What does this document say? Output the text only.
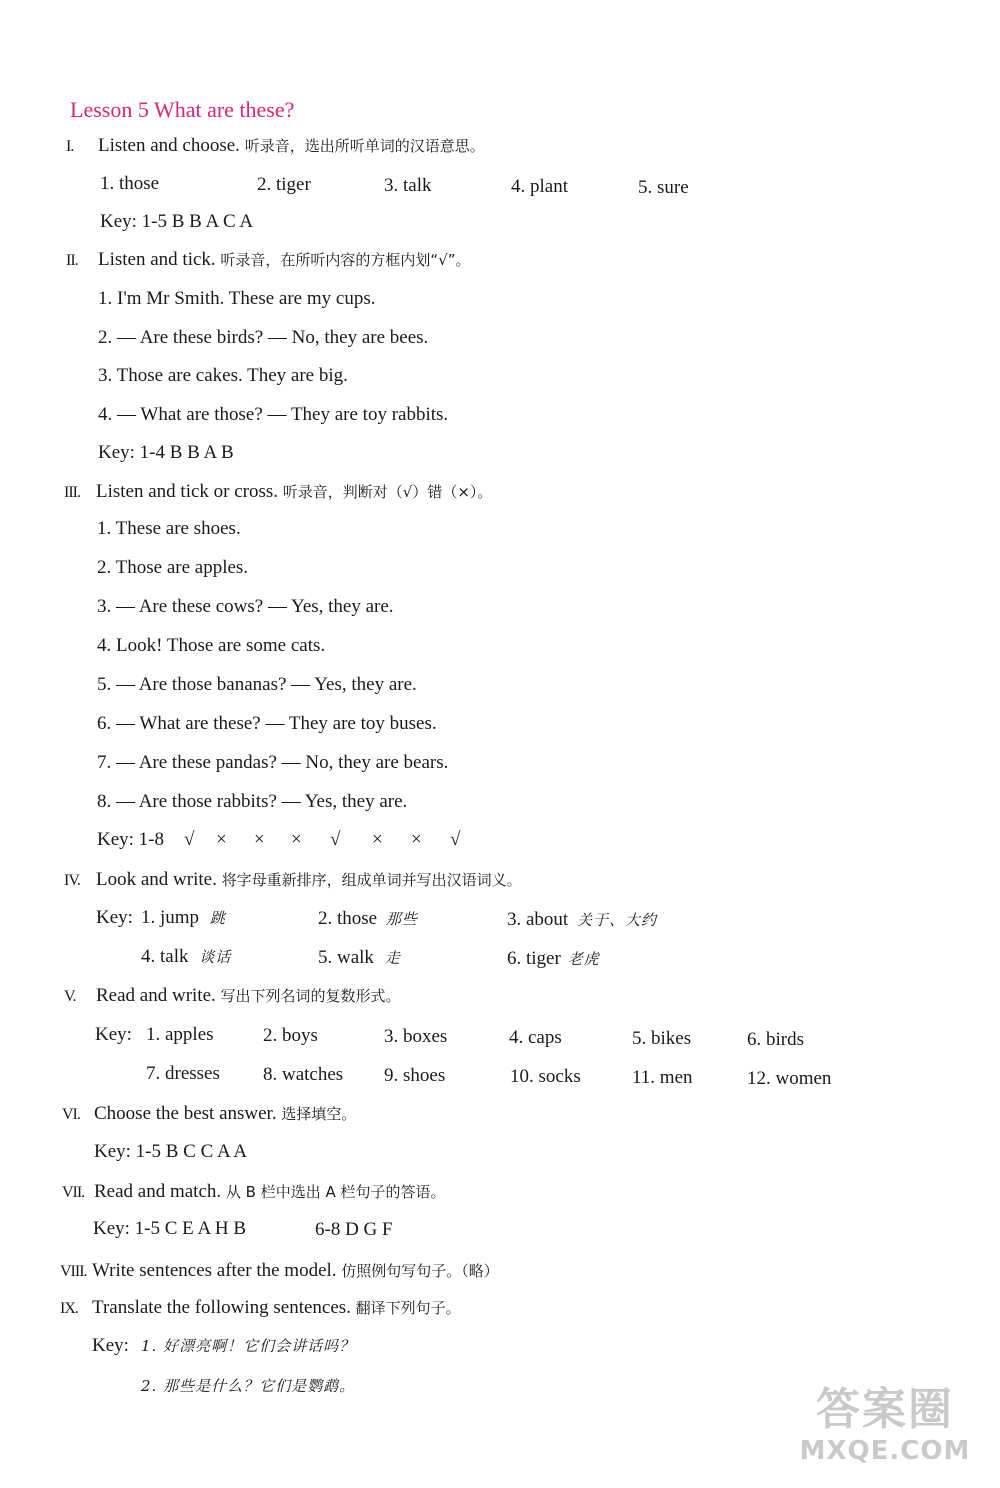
Lesson 5 What are these?
I. Listen and choose. 听录音，选出所听单词的汉语意思。
1. those	2. tiger	3. talk	4. plant	5. sure
Key: 1-5 B B A C A
II. Listen and tick. 听录音，在所听内容的方框内划“√”。
1. I'm Mr Smith. These are my cups.
2. — Are these birds? — No, they are bees.
3. Those are cakes. They are big.
4. — What are those? — They are toy rabbits.
Key: 1-4 B B A B
III. Listen and tick or cross. 听录音，判断对（√）错（×）。
1. These are shoes.
2. Those are apples.
3. — Are these cows? — Yes, they are.
4. Look! Those are some cats.
5. — Are those bananas? — Yes, they are.
6. — What are these? — They are toy buses.
7. — Are these pandas? — No, they are bears.
8. — Are those rabbits? — Yes, they are.
Key: 1-8 √ × × × √ × × √
IV. Look and write. 将字母重新排序，组成单词并写出汉语词义。
Key: 1. jump 跳	2. those 那些	3. about 关于、大约
4. talk 谈话	5. walk 走	6. tiger 老虎
V. Read and write. 写出下列名词的复数形式。
Key: 1. apples	2. boys	3. boxes	4. caps	5. bikes	6. birds
7. dresses 8. watches 9. shoes	10. socks	11. men	12. women
VI. Choose the best answer. 选择填空。
Key: 1-5 B C C A A
VII. Read and match. 从 B 栏中选出 A 栏句子的答语。
Key: 1-5 C E A H B	6-8 D G F
VIII. Write sentences after the model. 仿照例句写句子。（略）
IX. Translate the following sentences. 翻译下列句子。
Key: 1. 好漂亮啊！它们会讲话吗？
2. 那些是什么？它们是鹦鹉。	答案圈
MXQE.COM
